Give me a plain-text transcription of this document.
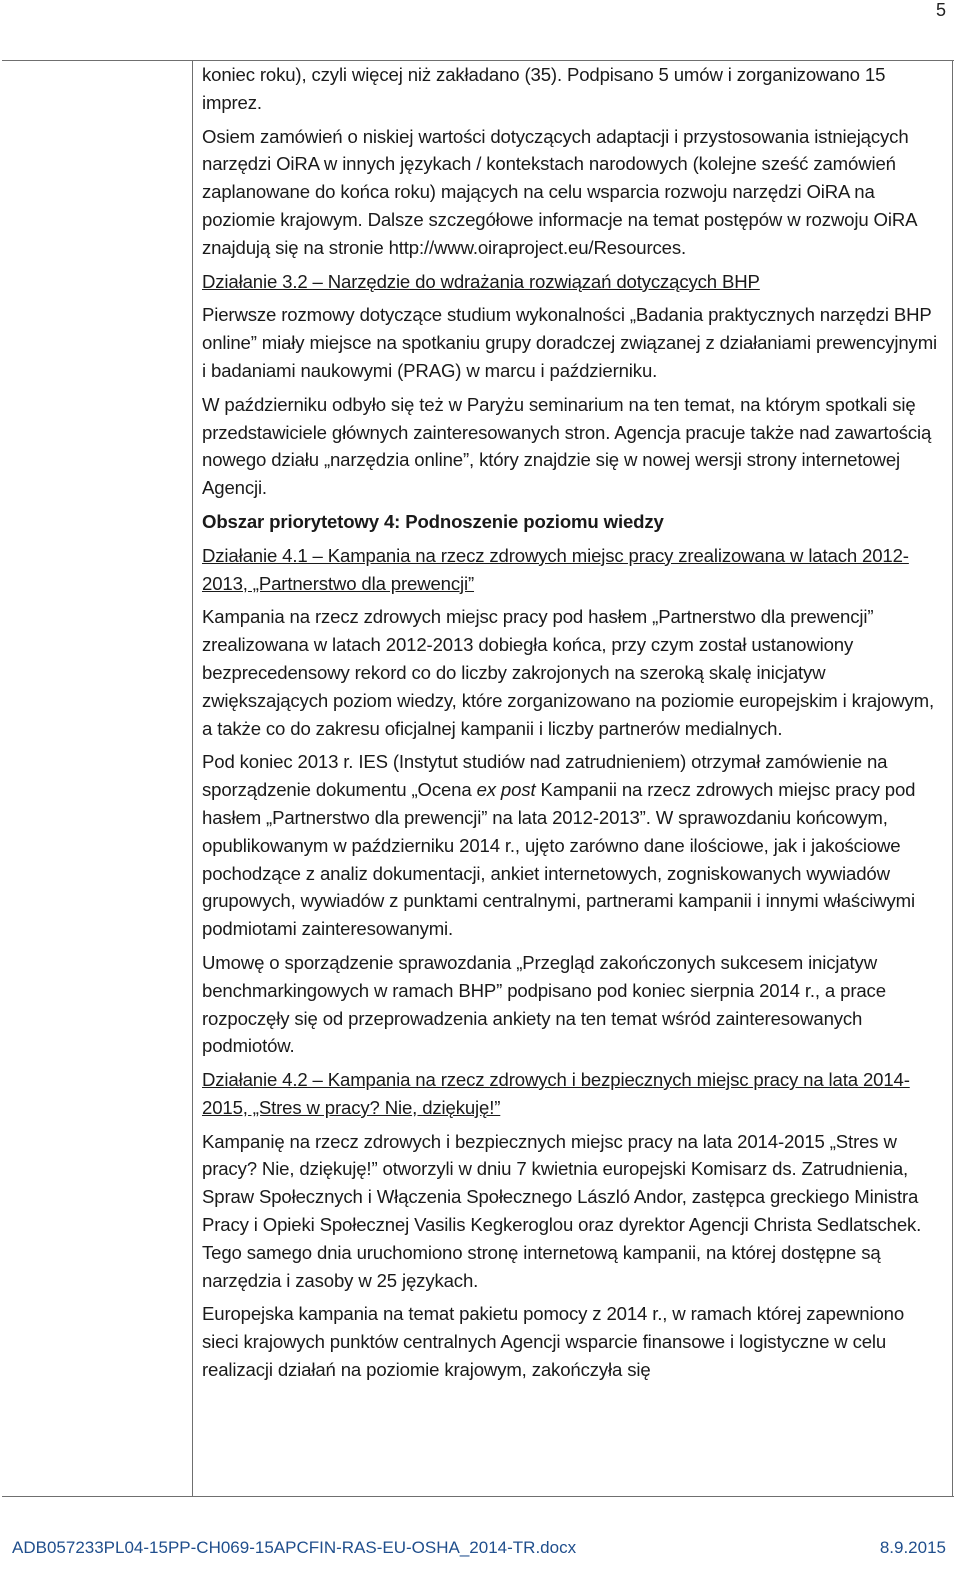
5

koniec roku), czyli więcej niż zakładano (35). Podpisano 5 umów i zorganizowano 15 imprez.

Osiem zamówień o niskiej wartości dotyczących adaptacji i przystosowania istniejących narzędzi OiRA w innych językach / kontekstach narodowych (kolejne sześć zamówień zaplanowane do końca roku) mających na celu wsparcia rozwoju narzędzi OiRA na poziomie krajowym. Dalsze szczegółowe informacje na temat postępów w rozwoju OiRA znajdują się na stronie http://www.oiraproject.eu/Resources.

Działanie 3.2 – Narzędzie do wdrażania rozwiązań dotyczących BHP

Pierwsze rozmowy dotyczące studium wykonalności „Badania praktycznych narzędzi BHP online” miały miejsce na spotkaniu grupy doradczej związanej z działaniami prewencyjnymi i badaniami naukowymi (PRAG) w marcu i październiku.

W październiku odbyło się też w Paryżu seminarium na ten temat, na którym spotkali się przedstawiciele głównych zainteresowanych stron. Agencja pracuje także nad zawartością nowego działu „narzędzia online”, który znajdzie się w nowej wersji strony internetowej Agencji.

Obszar priorytetowy 4: Podnoszenie poziomu wiedzy

Działanie 4.1 – Kampania na rzecz zdrowych miejsc pracy zrealizowana w latach 2012-2013, „Partnerstwo dla prewencji”

Kampania na rzecz zdrowych miejsc pracy pod hasłem „Partnerstwo dla prewencji” zrealizowana w latach 2012-2013 dobiegła końca, przy czym został ustanowiony bezprecedensowy rekord co do liczby zakrojonych na szeroką skalę inicjatyw zwiększających poziom wiedzy, które zorganizowano na poziomie europejskim i krajowym, a także co do zakresu oficjalnej kampanii i liczby partnerów medialnych.

Pod koniec 2013 r. IES (Instytut studiów nad zatrudnieniem) otrzymał zamówienie na sporządzenie dokumentu „Ocena ex post Kampanii na rzecz zdrowych miejsc pracy pod hasłem „Partnerstwo dla prewencji” na lata 2012-2013”. W sprawozdaniu końcowym, opublikowanym w październiku 2014 r., ujęto zarówno dane ilościowe, jak i jakościowe pochodzące z analiz dokumentacji, ankiet internetowych, zogniskowanych wywiadów grupowych, wywiadów z punktami centralnymi, partnerami kampanii i innymi właściwymi podmiotami zainteresowanymi.

Umowę o sporządzenie sprawozdania „Przegląd zakończonych sukcesem inicjatyw benchmarkingowych w ramach BHP” podpisano pod koniec sierpnia 2014 r., a prace rozpoczęły się od przeprowadzenia ankiety na ten temat wśród zainteresowanych podmiotów.

Działanie 4.2 – Kampania na rzecz zdrowych i bezpiecznych miejsc pracy na lata 2014-2015, „Stres w pracy? Nie, dziękuję!”

Kampanię na rzecz zdrowych i bezpiecznych miejsc pracy na lata 2014-2015 „Stres w pracy? Nie, dziękuję!” otworzyli w dniu 7 kwietnia europejski Komisarz ds. Zatrudnienia, Spraw Społecznych i Włączenia Społecznego László Andor, zastępca greckiego Ministra Pracy i Opieki Społecznej Vasilis Kegkeroglou oraz dyrektor Agencji Christa Sedlatschek. Tego samego dnia uruchomiono stronę internetową kampanii, na której dostępne są narzędzia i zasoby w 25 językach.

Europejska kampania na temat pakietu pomocy z 2014 r., w ramach której zapewniono sieci krajowych punktów centralnych Agencji wsparcie finansowe i logistyczne w celu realizacji działań na poziomie krajowym, zakończyła się

ADB057233PL04-15PP-CH069-15APCFIN-RAS-EU-OSHA_2014-TR.docx	8.9.2015
